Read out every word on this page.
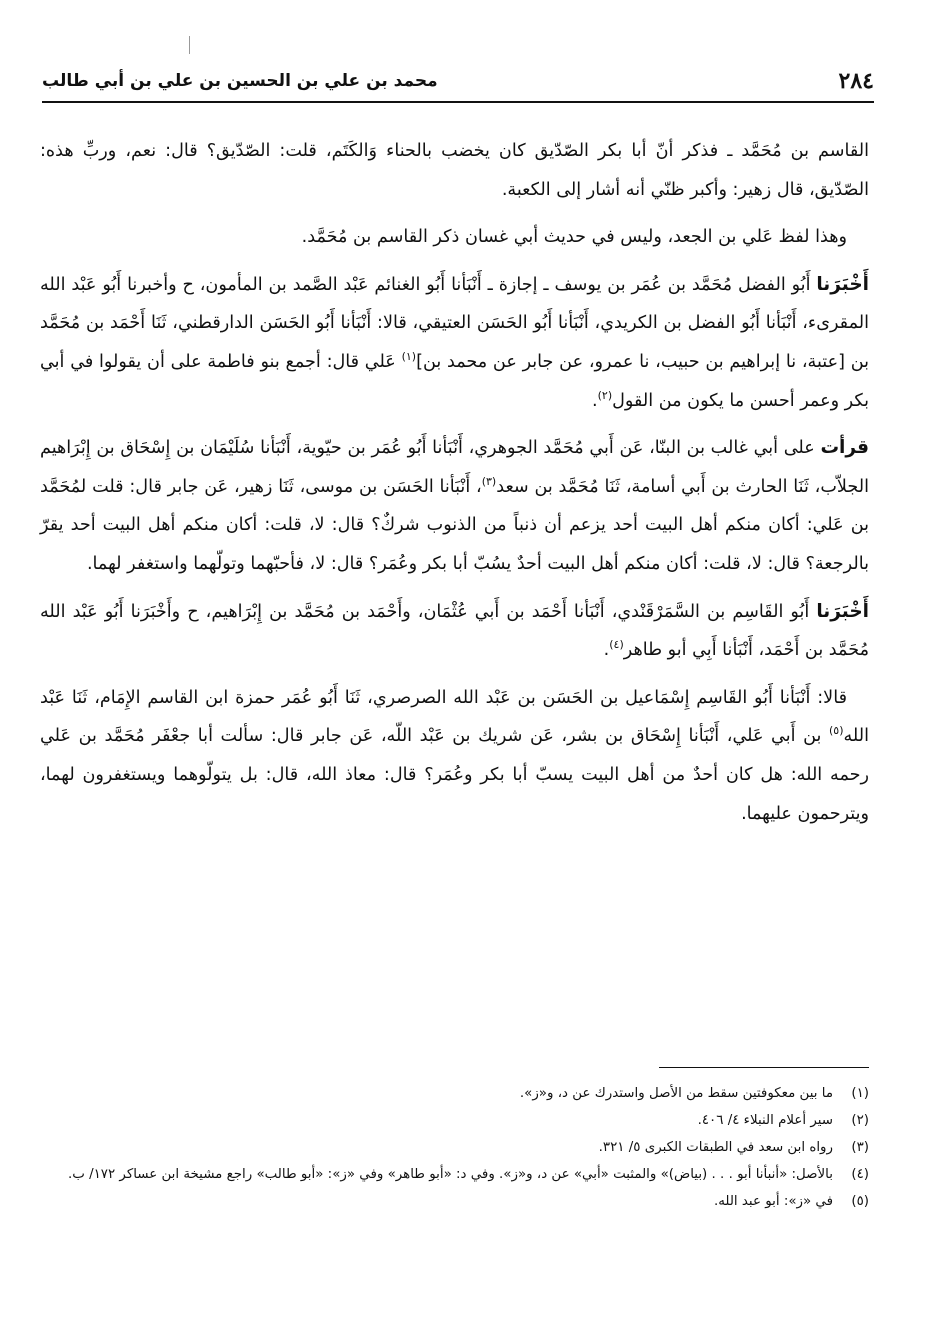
٢٨٤
محمد بن علي بن الحسين بن علي بن أبي طالب

القاسم بن مُحَمَّد ـ فذكر أنّ أبا بكر الصّدّيق كان يخضب بالحناء وَالكَتَم، قلت: الصّدّيق؟ قال: نعم، وربِّ هذه: الصّدّيق، قال زهير: وأكبر ظنّي أنه أشار إلى الكعبة.

وهذا لفظ عَلي بن الجعد، وليس في حديث أبي غسان ذكر القاسم بن مُحَمَّد.

أَخْبَرَنا أَبُو الفضل مُحَمَّد بن عُمَر بن يوسف ـ إجازة ـ أَنْبَأنا أَبُو الغنائم عَبْد الصَّمد بن المأمون، ح وأخبرنا أَبُو عَبْد الله المقرىء، أَنْبَأنا أَبُو الفضل بن الكريدي، أَنْبَأنا أَبُو الحَسَن العتيقي، قالا: أَنْبَأنا أَبُو الحَسَن الدارقطني، ثَنَا أَحْمَد بن مُحَمَّد بن [عتبة، نا إبراهيم بن حبيب، نا عمرو، عن جابر عن محمد بن]$^{(١)}$ عَلي قال: أجمع بنو فاطمة على أن يقولوا في أبي بكر وعمر أحسن ما يكون من القول$^{(٢)}$.

قرأت على أبي غالب بن البنّا، عَن أَبي مُحَمَّد الجوهري، أَنْبَأنا أَبُو عُمَر بن حيّوية، أَنْبَأنا سُلَيْمَان بن إِسْحَاق بن إِبْرَاهيم الجلاّب، ثَنَا الحارث بن أَبي أسامة، ثَنَا مُحَمَّد بن سعد$^{(٣)}$، أَنْبَأنا الحَسَن بن موسى، ثَنَا زهير، عَن جابر قال: قلت لمُحَمَّد بن عَلي: أكان منكم أهل البيت أحد يزعم أن ذنباً من الذنوب شركٌ؟ قال: لا، قلت: أكان منكم أهل البيت أحد يقرّ بالرجعة؟ قال: لا، قلت: أكان منكم أهل البيت أحدٌ يسُبّ أبا بكر وعُمَر؟ قال: لا، فأحبّهما وتولّهما واستغفر لهما.

أَخْبَرَنا أَبُو القَاسِم بن السَّمَرْقَنْدي، أَنْبَأنا أَحْمَد بن أَبي عُثْمَان، وأَحْمَد بن مُحَمَّد بن إِبْرَاهيم، ح وأَخْبَرَنا أَبُو عَبْد الله مُحَمَّد بن أَحْمَد، أَنْبَأنا أَبِي أبو طاهر$^{(٤)}$.

قالا: أَنْبَأنا أَبُو القَاسِم إِسْمَاعيل بن الحَسَن بن عَبْد الله الصرصري، ثَنَا أَبُو عُمَر حمزة ابن القاسم الإِمَام، ثَنَا عَبْد الله$^{(٥)}$ بن أَبي عَلي، أَنْبَأنا إِسْحَاق بن بشر، عَن شريك بن عَبْد اللّه، عَن جابر قال: سألت أبا جعْفَر مُحَمَّد بن عَلي رحمه الله: هل كان أحدٌ من أهل البيت يسبّ أبا بكر وعُمَر؟ قال: معاذ الله، قال: بل يتولّوهما ويستغفرون لهما، ويترحمون عليهما.

(١)
ما بين معكوفتين سقط من الأصل واستدرك عن د، و«ز».
(٢)
سير أعلام النبلاء ٤/ ٤٠٦.
(٣)
رواه ابن سعد في الطبقات الكبرى ٥/ ٣٢١.
(٤)
بالأصل: «أنبأنا أبو . . . (بياض)» والمثبت «أبي» عن د، و«ز». وفي د: «أبو طاهر» وفي «ز»: «أبو طالب» راجع مشيخة ابن عساكر ١٧٢/ ب.
(٥)
في «ز»: أبو عبد الله.
